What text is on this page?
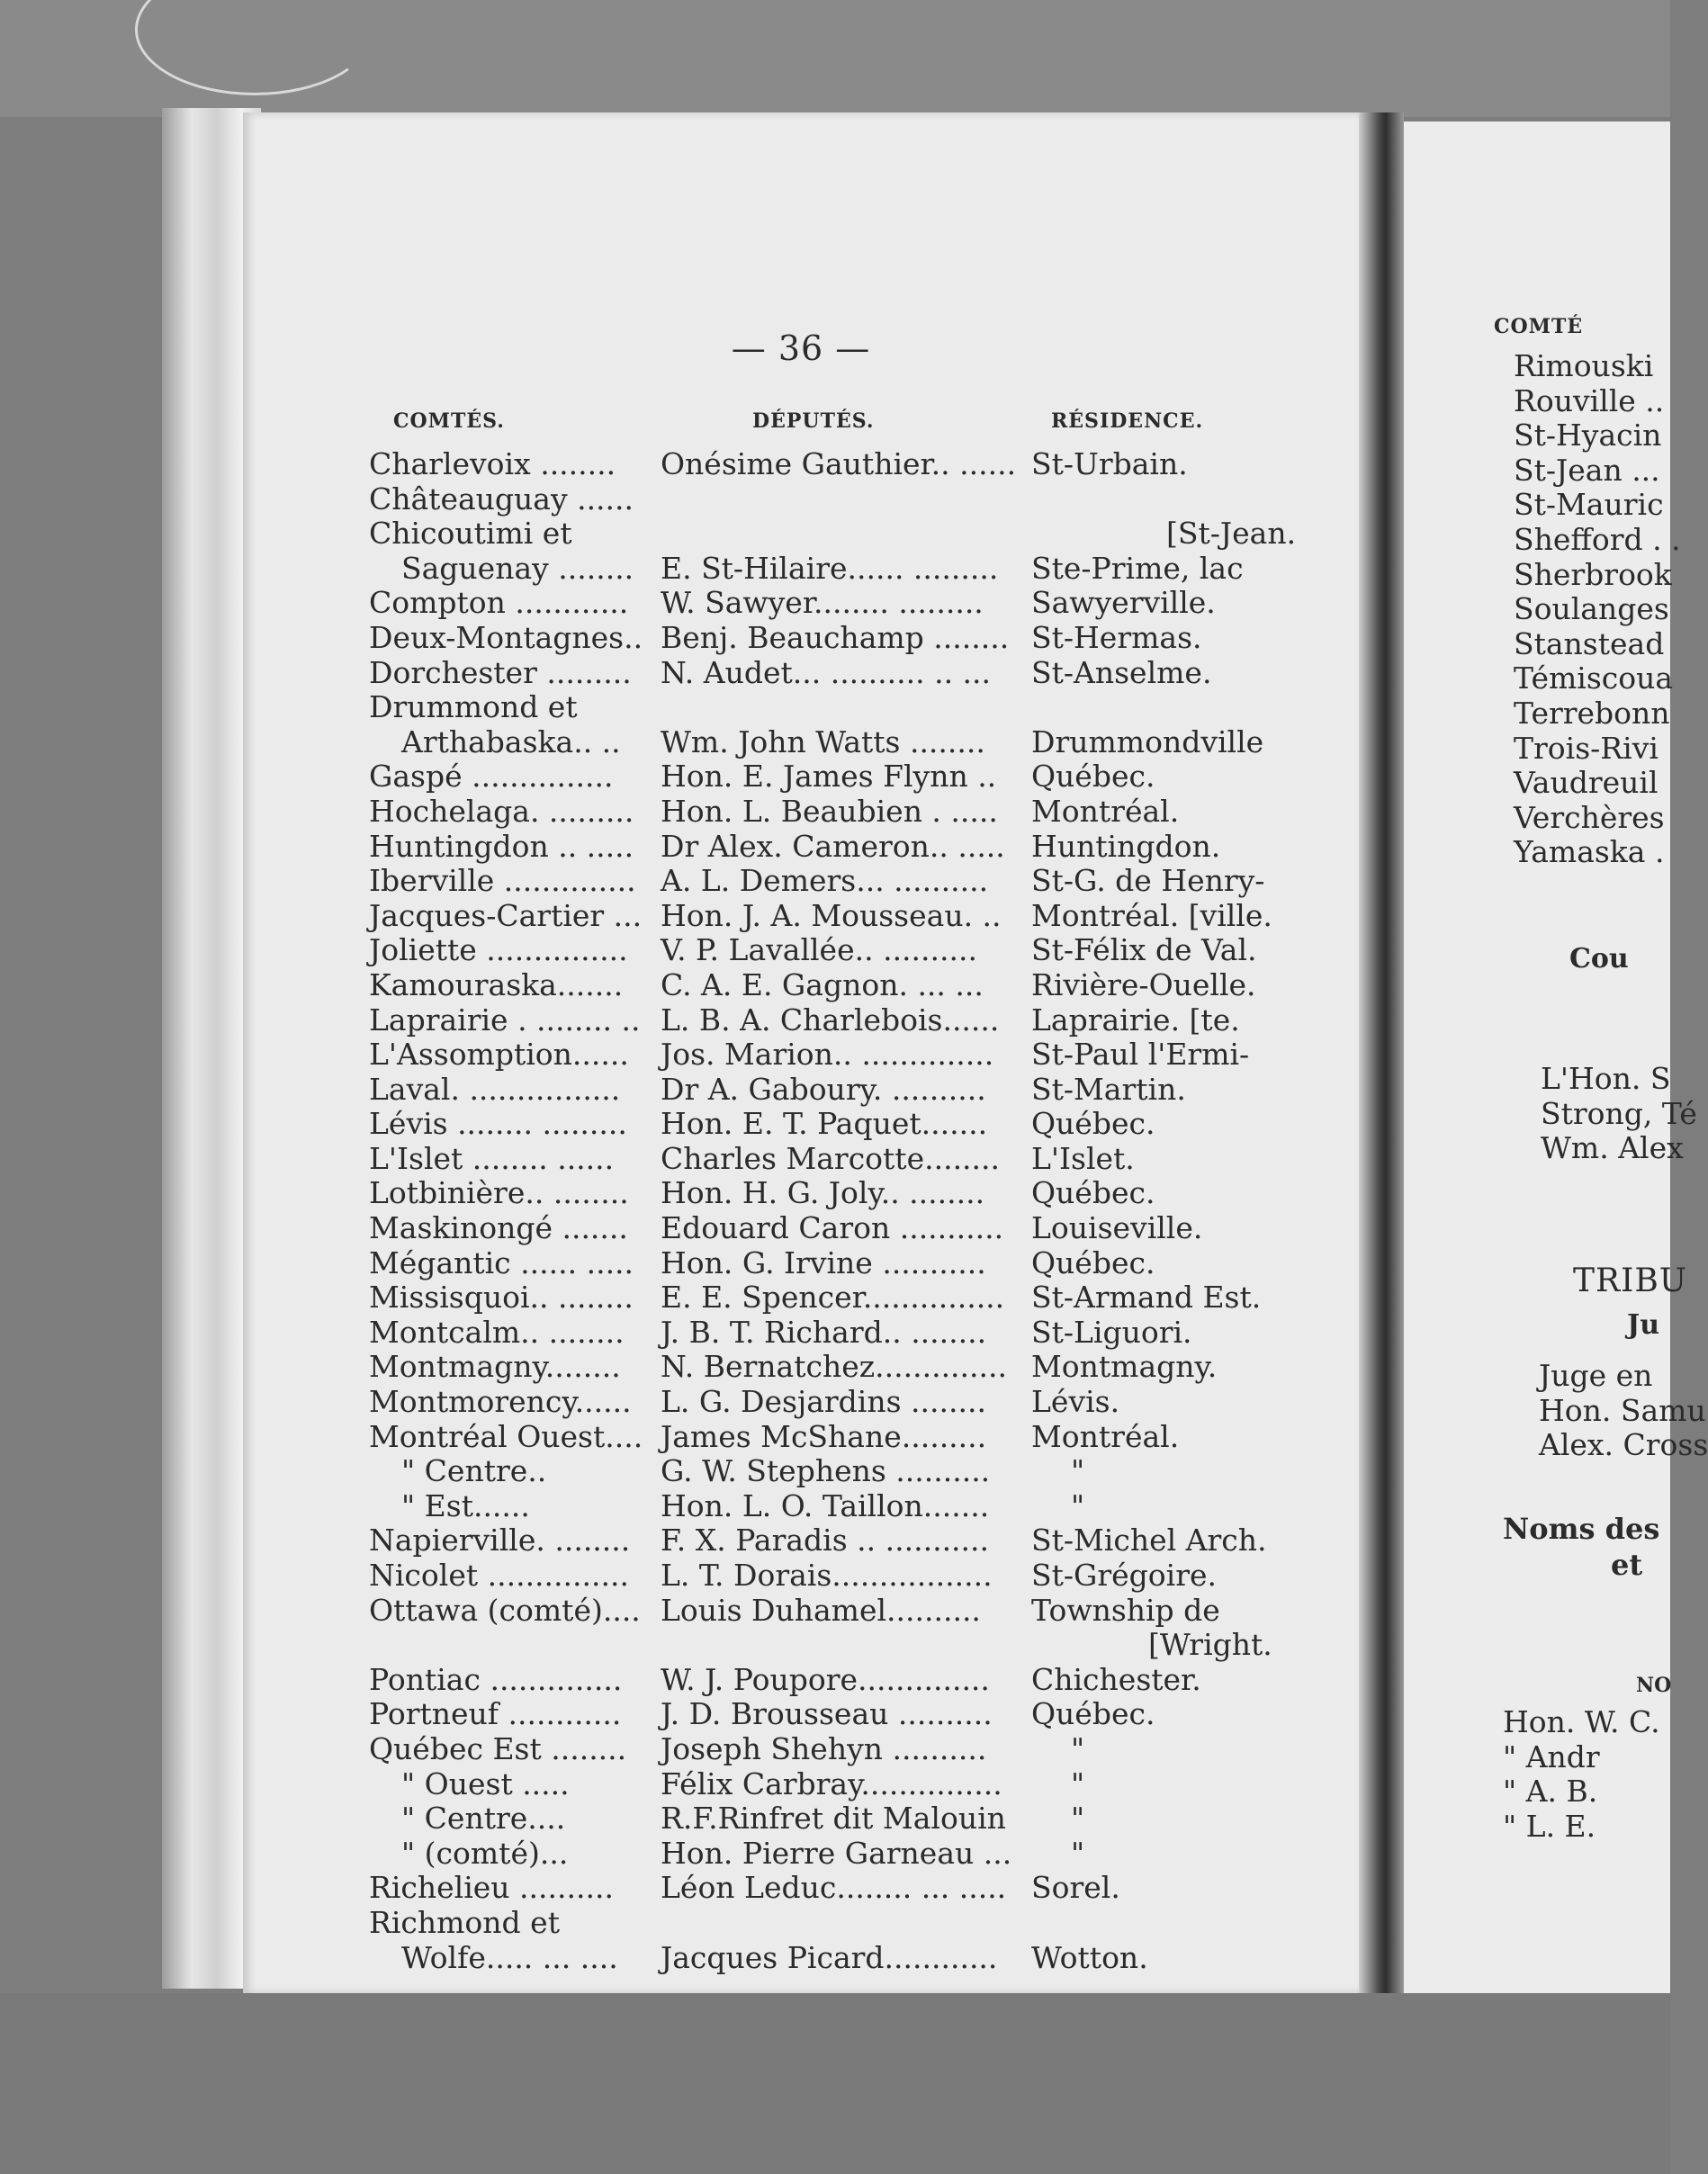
— 36 —
COMTÉS.	DÉPUTÉS.	RÉSIDENCE.
Charlevoix ........ Onésime Gauthier.. ...... St-Urbain.
Châteauguay ......
Chicoutimi et	[St-Jean.
Saguenay ........ E. St-Hilaire...... ......... Ste-Prime, lac
Compton ............ W. Sawyer........ ......... Sawyerville.
Deux-Montagnes.. Benj. Beauchamp ........ St-Hermas.
Dorchester ......... N. Audet... .......... .. ... St-Anselme.
Drummond et
Arthabaska.. .. Wm. John Watts ........ Drummondville
Gaspé ............... Hon. E. James Flynn .. Québec.
Hochelaga. ......... Hon. L. Beaubien . ..... Montréal.
Huntingdon .. ..... Dr Alex. Cameron.. ..... Huntingdon.
Iberville .............. A. L. Demers... .......... St-G. de Henry-
Jacques-Cartier ... Hon. J. A. Mousseau. .. Montréal. [ville.
Joliette ............... V. P. Lavallée.. .......... St-Félix de Val.
Kamouraska....... C. A. E. Gagnon. ... ... Rivière-Ouelle.
Laprairie . ........ .. L. B. A. Charlebois...... Laprairie. [te.
L'Assomption...... Jos. Marion.. .............. St-Paul l'Ermi-
Laval. ................ Dr A. Gaboury. .......... St-Martin.
Lévis ........ ......... Hon. E. T. Paquet....... Québec.
L'Islet ........ ...... Charles Marcotte........ L'Islet.
Lotbinière.. ........ Hon. H. G. Joly.. ........ Québec.
Maskinongé ....... Edouard Caron ........... Louiseville.
Mégantic ...... ..... Hon. G. Irvine ........... Québec.
Missisquoi.. ........ E. E. Spencer............... St-Armand Est.
Montcalm.. ........ J. B. T. Richard.. ........ St-Liguori.
Montmagny........ N. Bernatchez.............. Montmagny.
Montmorency...... L. G. Desjardins ........ Lévis.
Montréal Ouest.... James McShane......... Montréal.
" Centre..	G. W. Stephens ..........	"
" Est......	Hon. L. O. Taillon.......	"
Napierville. ........ F. X. Paradis .. ........... St-Michel Arch.
Nicolet ............... L. T. Dorais................. St-Grégoire.
Ottawa (comté).... Louis Duhamel.......... Township de
[Wright.
Pontiac .............. W. J. Poupore.............. Chichester.
Portneuf ............ J. D. Brousseau .......... Québec.
Québec Est ........ Joseph Shehyn ..........	"
" Ouest .....	Félix Carbray............... "
" Centre....	R.F.Rinfret dit Malouin "
" (comté)...	Hon. Pierre Garneau ... "
Richelieu .......... Léon Leduc........ ... ..... Sorel.
Richmond et
Wolfe..... ... .... Jacques Picard............ Wotton.
COMTÉ
Rimouski
Rouville ..
St-Hyacin
St-Jean ...
St-Mauric
Shefford . .
Sherbrook
Soulanges
Stanstead
Témiscoua
Terrebonn
Trois-Rivi
Vaudreuil
Verchères
Yamaska .
Cou
L'Hon. S
Strong, Té
Wm. Alex
TRIBU
Ju
Juge en
Hon. Samu
Alex. Cross
Noms des
et
NO
Hon. W. C.
" Andr
" A. B.
" L. E.
